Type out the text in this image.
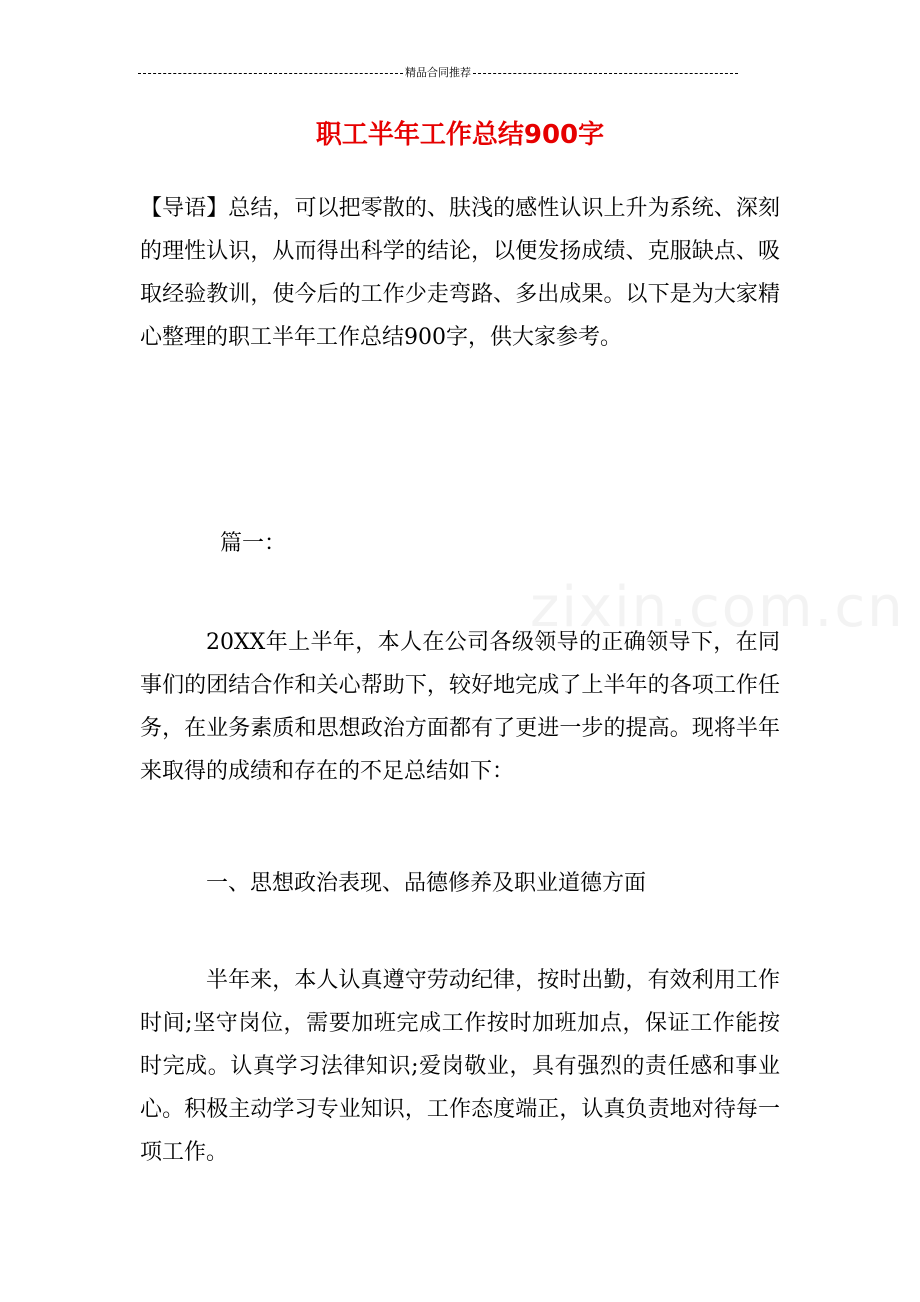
精品合同推荐
职工半年工作总结900字

【导语】总结，可以把零散的、肤浅的感性认识上升为系统、深刻的理性认识，从而得出科学的结论，以便发扬成绩、克服缺点、吸取经验教训，使今后的工作少走弯路、多出成果。以下是为大家精心整理的职工半年工作总结900字，供大家参考。

篇一：

zixin.com.cn

20XX年上半年，本人在公司各级领导的正确领导下，在同事们的团结合作和关心帮助下，较好地完成了上半年的各项工作任务，在业务素质和思想政治方面都有了更进一步的提高。现将半年来取得的成绩和存在的不足总结如下：

一、思想政治表现、品德修养及职业道德方面

半年来，本人认真遵守劳动纪律，按时出勤，有效利用工作时间;坚守岗位，需要加班完成工作按时加班加点，保证工作能按时完成。认真学习法律知识;爱岗敬业，具有强烈的责任感和事业心。积极主动学习专业知识，工作态度端正，认真负责地对待每一项工作。
